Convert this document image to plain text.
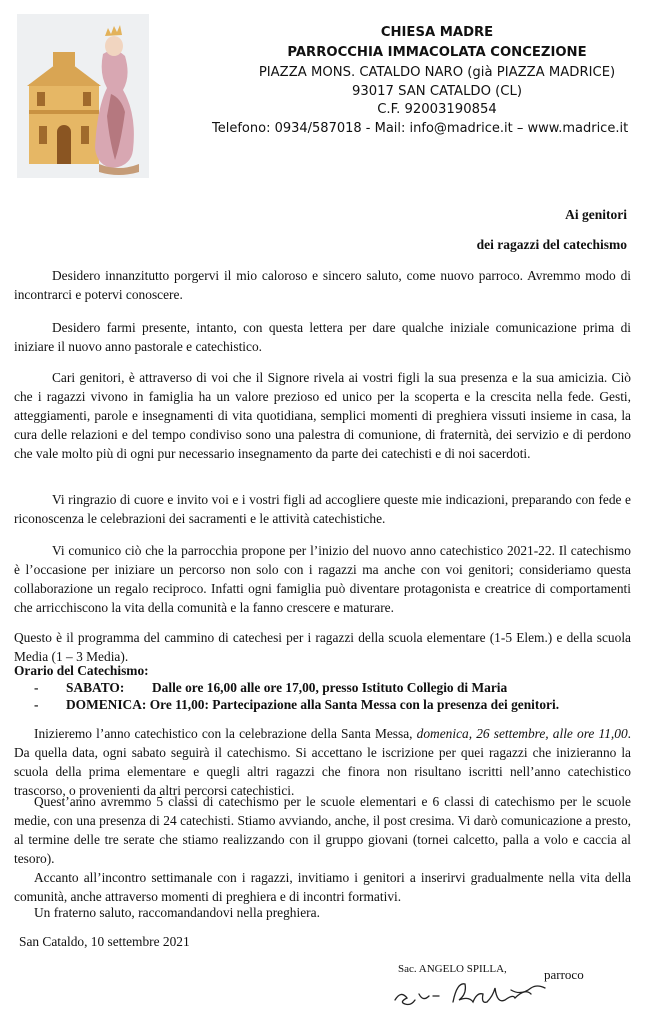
CHIESA MADRE
PARROCCHIA IMMACOLATA CONCEZIONE
PIAZZA MONS. CATALDO NARO (già PIAZZA MADRICE)
93017 SAN CATALDO (CL)
C.F. 92003190854
Telefono: 0934/587018 - Mail: info@madrice.it – www.madrice.it
Ai genitori
dei ragazzi del catechismo

Desidero innanzitutto porgervi il mio caloroso e sincero saluto, come nuovo parroco. Avremmo modo di incontrarci e potervi conoscere.

Desidero farmi presente, intanto, con questa lettera per dare qualche iniziale comunicazione prima di iniziare il nuovo anno pastorale e catechistico.

Cari genitori, è attraverso di voi che il Signore rivela ai vostri figli la sua presenza e la sua amicizia. Ciò che i ragazzi vivono in famiglia ha un valore prezioso ed unico per la scoperta e la crescita nella fede. Gesti, atteggiamenti, parole e insegnamenti di vita quotidiana, semplici momenti di preghiera vissuti insieme in casa, la cura delle relazioni e del tempo condiviso sono una palestra di comunione, di fraternità, dei servizio e di perdono che vale molto più di ogni pur necessario insegnamento da parte dei catechisti e di noi sacerdoti.

Vi ringrazio di cuore e invito voi e i vostri figli ad accogliere queste mie indicazioni, preparando con fede e riconoscenza le celebrazioni dei sacramenti e le attività catechistiche.

Vi comunico ciò che la parrocchia propone per l’inizio del nuovo anno catechistico 2021-22. Il catechismo è l’occasione per iniziare un percorso non solo con i ragazzi ma anche con voi genitori; consideriamo questa collaborazione un regalo reciproco. Infatti ogni famiglia può diventare protagonista e creatrice di comportamenti che arricchiscono la vita della comunità e la fanno crescere e maturare.

Questo è il programma del cammino di catechesi per i ragazzi della scuola elementare (1-5 Elem.) e della scuola Media (1 – 3 Media).

Orario del Catechismo:
- SABATO: Dalle ore 16,00 alle ore 17,00, presso Istituto Collegio di Maria
- DOMENICA: Ore 11,00: Partecipazione alla Santa Messa con la presenza dei genitori.

Inizieremo l’anno catechistico con la celebrazione della Santa Messa, domenica, 26 settembre, alle ore 11,00. Da quella data, ogni sabato seguirà il catechismo. Si accettano le iscrizione per quei ragazzi che inizieranno la scuola della prima elementare e quegli altri ragazzi che finora non risultano iscritti nell’anno catechistico trascorso, o provenienti da altri percorsi catechistici.

Quest’anno avremmo 5 classi di catechismo per le scuole elementari e 6 classi di catechismo per le scuole medie, con una presenza di 24 catechisti. Stiamo avviando, anche, il post cresima. Vi darò comunicazione a presto, al termine delle tre serate che stiamo realizzando con il gruppo giovani (tornei calcetto, palla a volo e caccia al tesoro).

Accanto all’incontro settimanale con i ragazzi, invitiamo i genitori a inserirvi gradualmente nella vita della comunità, anche attraverso momenti di preghiera e di incontri formativi.

Un fraterno saluto, raccomandandovi nella preghiera.

San Cataldo, 10 settembre 2021
Sac. ANGELO SPILLA,	parroco
